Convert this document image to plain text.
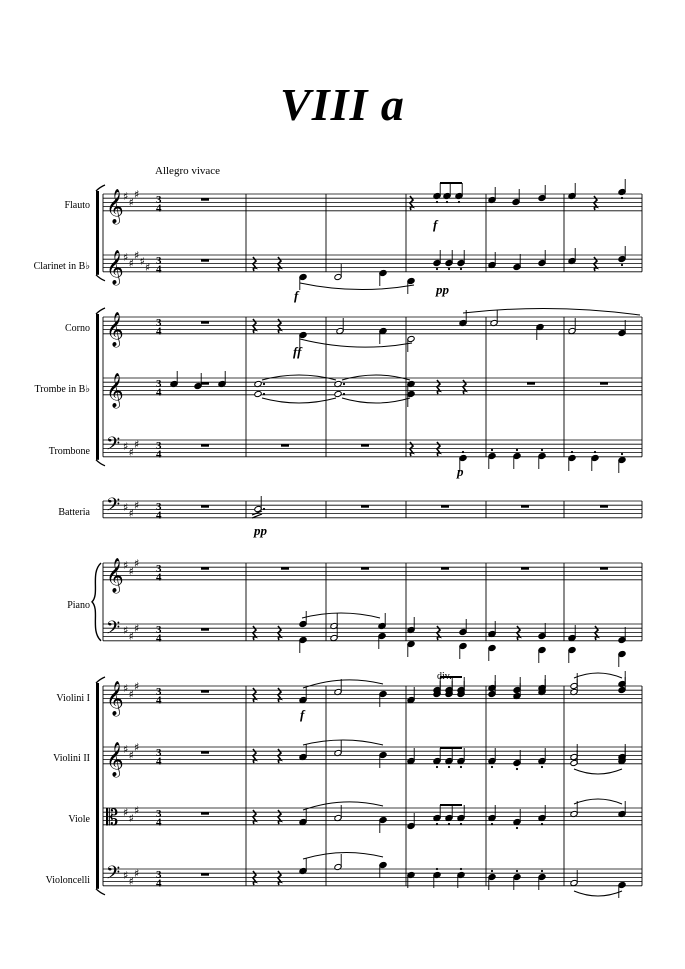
VIII a
Allegro vivace
Flauto
Clarinet in B♭
Corno
Trombe in B♭
Trombone
Batteria
Piano
Violini I
Violini II
Viole
Violoncelli
𝄞
𝄞
𝄞
𝄞
𝄢
𝄢
𝄞
𝄢
𝄞
𝄞
𝄡
𝄢
♯ ♯
♯
♯ ♯
♯ ♯ ♯
♯ ♯
♯
♯ ♯
♯
♯ ♯
♯
♯ ♯
♯
♯ ♯
♯
♯ ♯
♯
♯ ♯
♯
♯ ♯
♯
3
4
3
4
3
4
3
4
3
4
3
4
3
4
3
4
3
4
3
4
3
4
3
4
f
f	pp
ff
p
pp
f
div.
